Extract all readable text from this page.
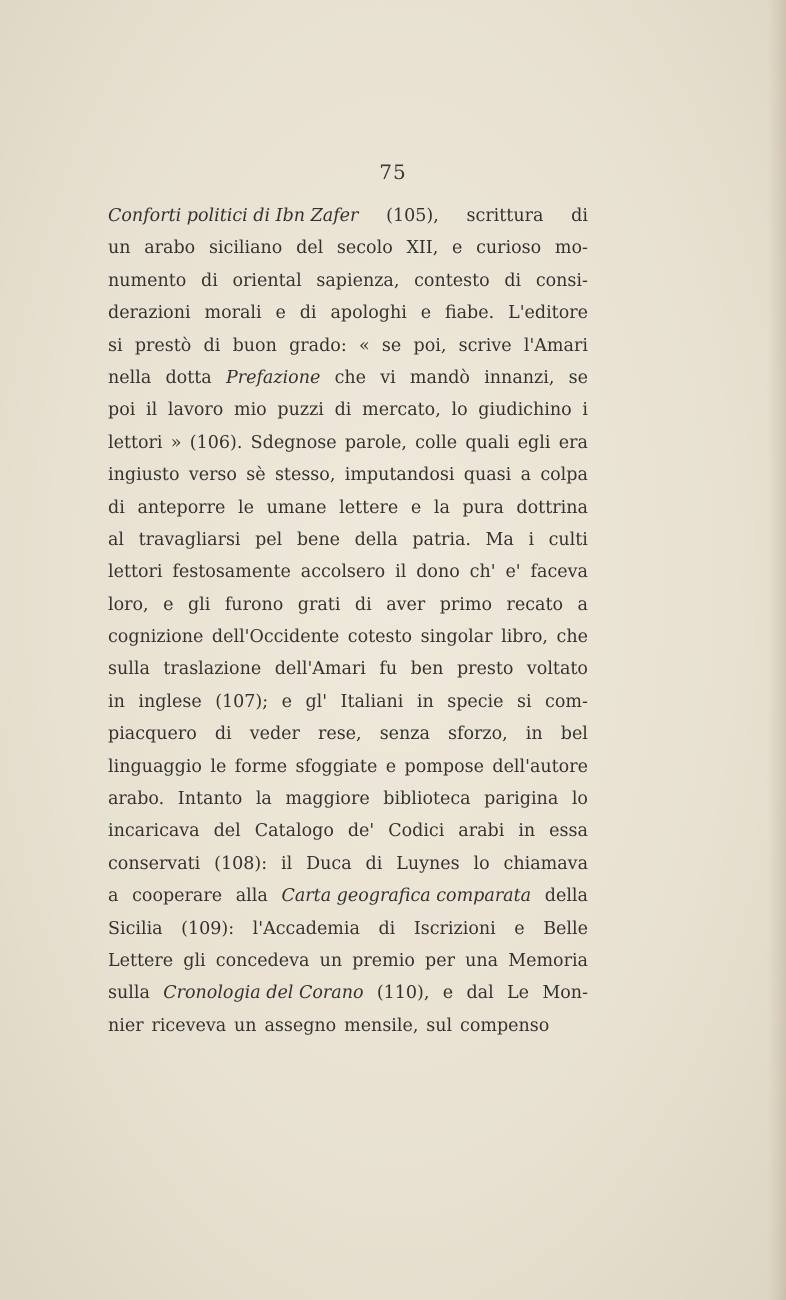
75
Conforti politici di Ibn Zafer (105), scrittura di
un arabo siciliano del secolo XII, e curioso mo-
numento di oriental sapienza, contesto di consi-
derazioni morali e di apologhi e fiabe. L'editore
si prestò di buon grado: « se poi, scrive l'Amari
nella dotta Prefazione che vi mandò innanzi, se
poi il lavoro mio puzzi di mercato, lo giudichino i
lettori » (106). Sdegnose parole, colle quali egli era
ingiusto verso sè stesso, imputandosi quasi a colpa
di anteporre le umane lettere e la pura dottrina
al travagliarsi pel bene della patria. Ma i culti
lettori festosamente accolsero il dono ch' e' faceva
loro, e gli furono grati di aver primo recato a
cognizione dell'Occidente cotesto singolar libro, che
sulla traslazione dell'Amari fu ben presto voltato
in inglese (107); e gl' Italiani in specie si com-
piacquero di veder rese, senza sforzo, in bel
linguaggio le forme sfoggiate e pompose dell'autore
arabo. Intanto la maggiore biblioteca parigina lo
incaricava del Catalogo de' Codici arabi in essa
conservati (108): il Duca di Luynes lo chiamava
a cooperare alla Carta geografica comparata della
Sicilia (109): l'Accademia di Iscrizioni e Belle
Lettere gli concedeva un premio per una Memoria
sulla Cronologia del Corano (110), e dal Le Mon-
nier riceveva un assegno mensile, sul compenso
